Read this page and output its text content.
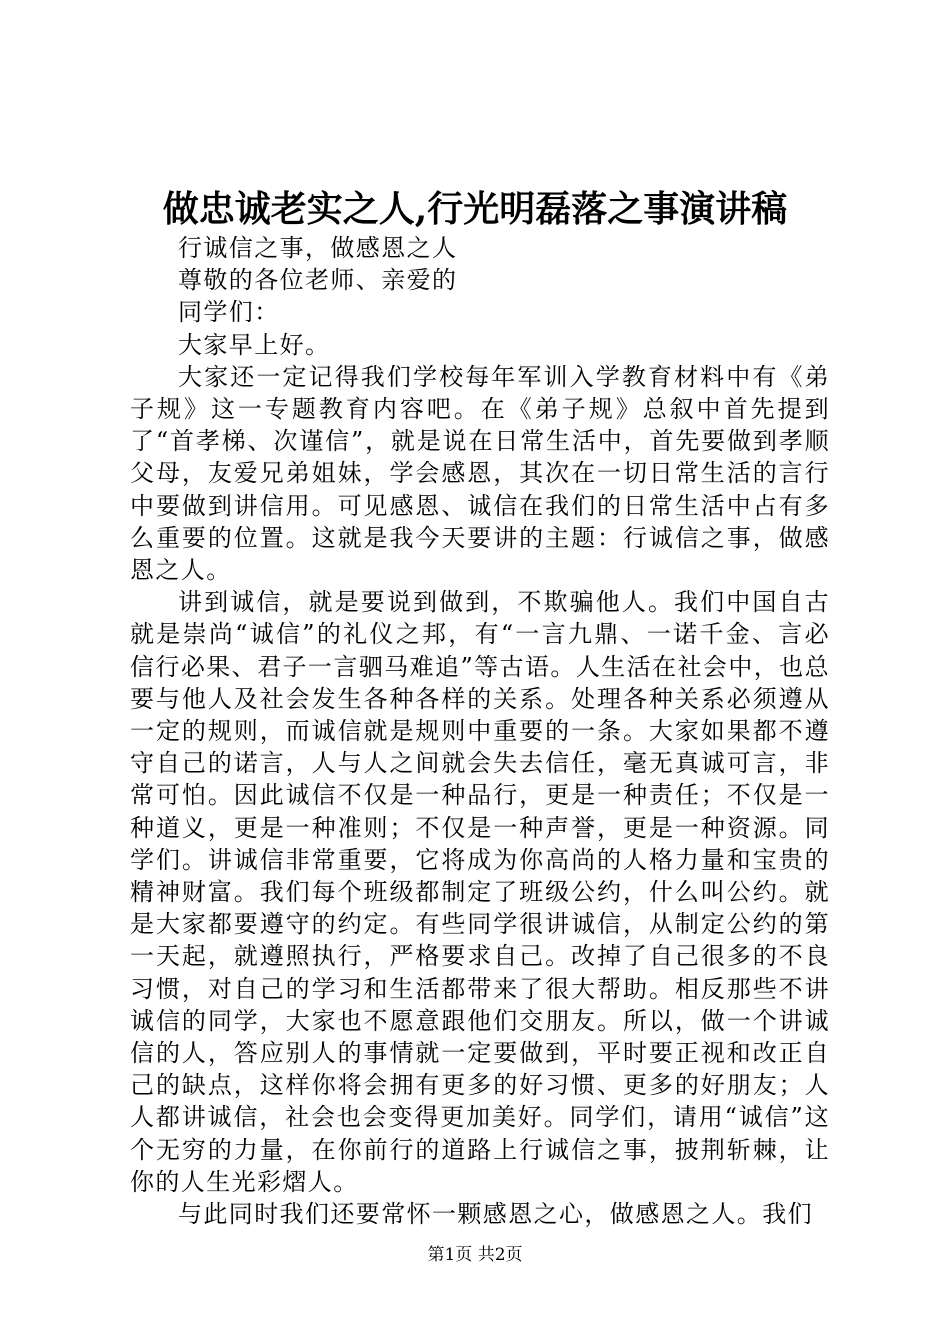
做忠诚老实之人,行光明磊落之事演讲稿

行诚信之事，做感恩之人

尊敬的各位老师、亲爱的

同学们：

大家早上好。

大家还一定记得我们学校每年军训入学教育材料中有《弟子规》这一专题教育内容吧。在《弟子规》总叙中首先提到了“首孝梯、次谨信”，就是说在日常生活中，首先要做到孝顺父母，友爱兄弟姐妹，学会感恩，其次在一切日常生活的言行中要做到讲信用。可见感恩、诚信在我们的日常生活中占有多么重要的位置。这就是我今天要讲的主题：行诚信之事，做感恩之人。

讲到诚信，就是要说到做到，不欺骗他人。我们中国自古就是崇尚“诚信”的礼仪之邦，有“一言九鼎、一诺千金、言必信行必果、君子一言驷马难追”等古语。人生活在社会中，也总要与他人及社会发生各种各样的关系。处理各种关系必须遵从一定的规则，而诚信就是规则中重要的一条。大家如果都不遵守自己的诺言，人与人之间就会失去信任，毫无真诚可言，非常可怕。因此诚信不仅是一种品行，更是一种责任；不仅是一种道义，更是一种准则；不仅是一种声誉，更是一种资源。同学们。讲诚信非常重要，它将成为你高尚的人格力量和宝贵的精神财富。我们每个班级都制定了班级公约，什么叫公约。就是大家都要遵守的约定。有些同学很讲诚信，从制定公约的第一天起，就遵照执行，严格要求自己。改掉了自己很多的不良习惯，对自己的学习和生活都带来了很大帮助。相反那些不讲诚信的同学，大家也不愿意跟他们交朋友。所以，做一个讲诚信的人，答应别人的事情就一定要做到，平时要正视和改正自己的缺点，这样你将会拥有更多的好习惯、更多的好朋友；人人都讲诚信，社会也会变得更加美好。同学们，请用“诚信”这个无穷的力量，在你前行的道路上行诚信之事，披荆斩棘，让你的人生光彩熠人。

与此同时我们还要常怀一颗感恩之心，做感恩之人。我们

第1页 共2页
